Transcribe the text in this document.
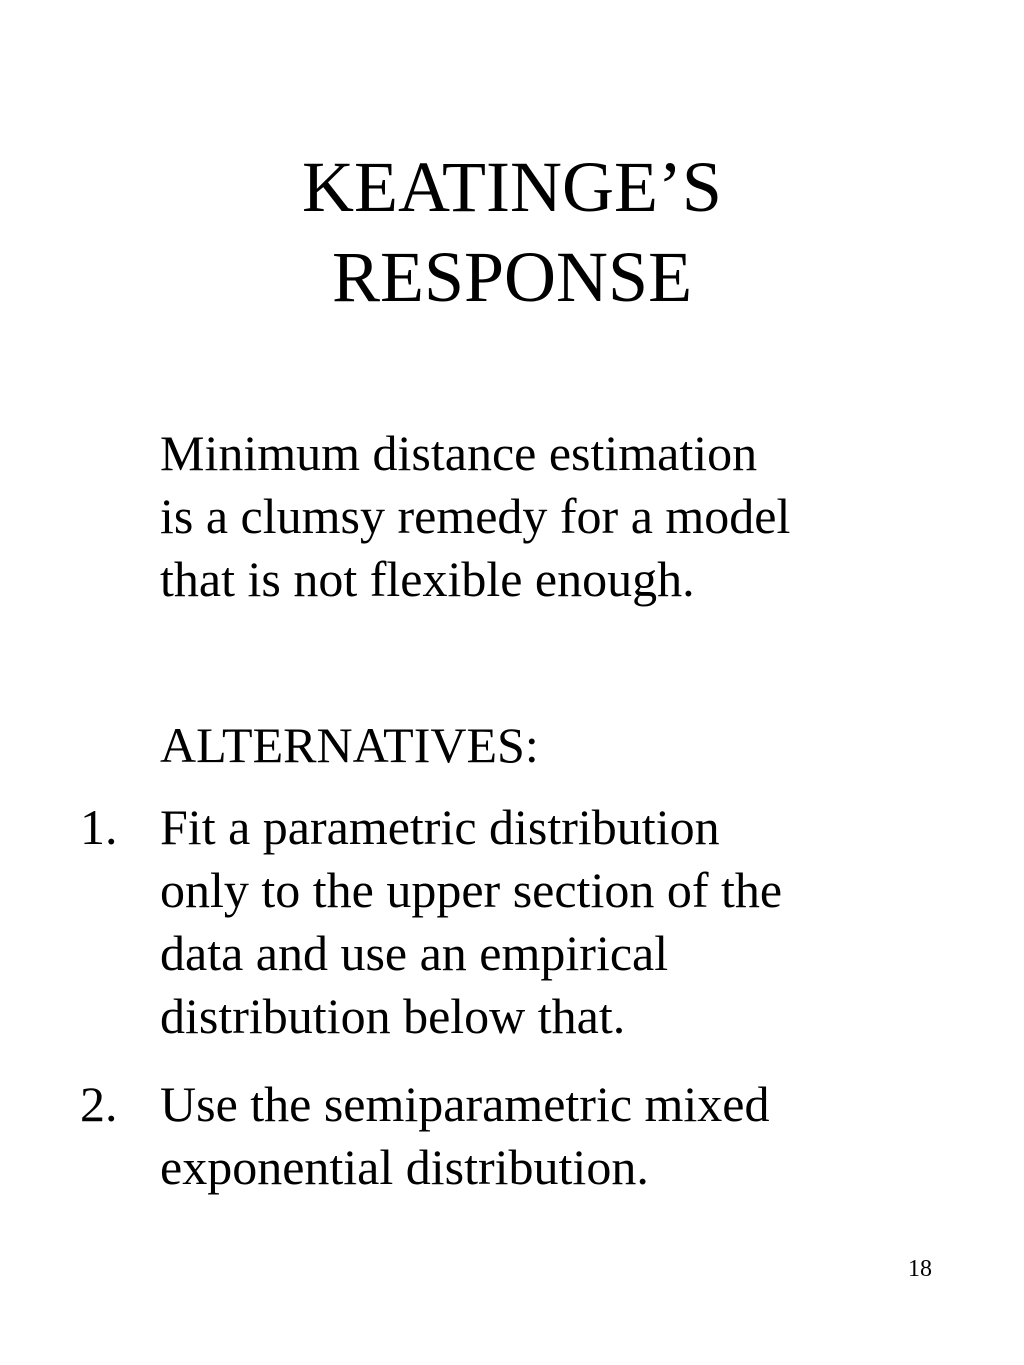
KEATINGE’S
RESPONSE

Minimum distance estimation
is a clumsy remedy for a model
that is not flexible enough.

ALTERNATIVES:

1. Fit a parametric distribution
only to the upper section of the
data and use an empirical
distribution below that.
2. Use the semiparametric mixed
exponential distribution.
18
